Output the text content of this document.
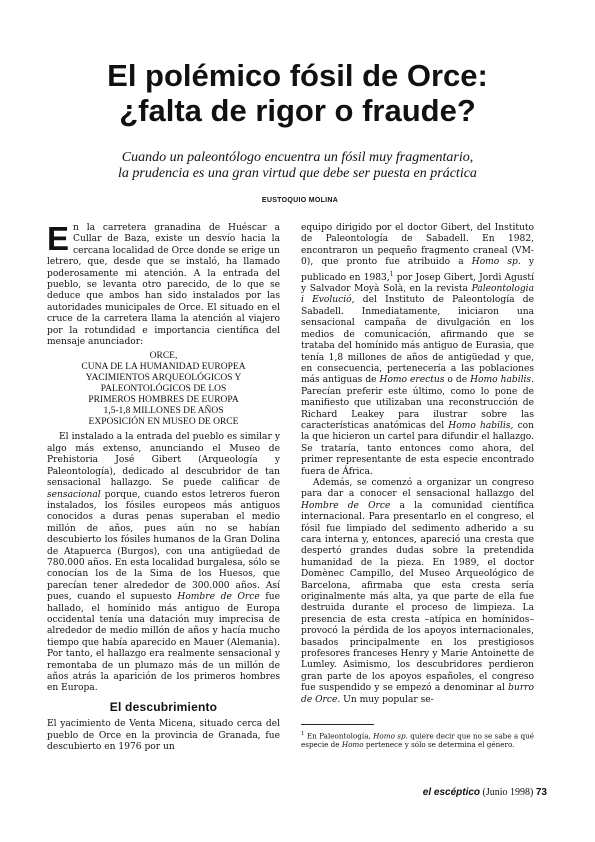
El polémico fósil de Orce:
¿falta de rigor o fraude?

Cuando un paleontólogo encuentra un fósil muy fragmentario,
la prudencia es una gran virtud que debe ser puesta en práctica

EUSTOQUIO MOLINA

En la carretera granadina de Huéscar a Cullar de Baza, existe un desvío hacia la cercana localidad de Orce donde se erige un letrero, que, desde que se instaló, ha llamado poderosamente mi atención. A la entrada del pueblo, se levanta otro parecido, de lo que se deduce que ambos han sido instalados por las autoridades municipales de Orce. El situado en el cruce de la carretera llama la atención al viajero por la rotundidad e importancia científica del mensaje anunciador:

ORCE,
CUNA DE LA HUMANIDAD EUROPEA
YACIMIENTOS ARQUEOLÓGICOS Y
PALEONTOLÓGICOS DE LOS
PRIMEROS HOMBRES DE EUROPA
1,5-1,8 MILLONES DE AÑOS
EXPOSICIÓN EN MUSEO DE ORCE

El instalado a la entrada del pueblo es similar y algo más extenso, anunciando el Museo de Prehistoria José Gibert (Arqueología y Paleontología), dedicado al descubridor de tan sensacional hallazgo. Se puede calificar de sensacional porque, cuando estos letreros fueron instalados, los fósiles europeos más antiguos conocidos a duras penas superaban el medio millón de años, pues aún no se habían descubierto los fósiles humanos de la Gran Dolina de Atapuerca (Burgos), con una antigüedad de 780.000 años. En esta localidad burgalesa, sólo se conocían los de la Sima de los Huesos, que parecían tener alrededor de 300.000 años. Así pues, cuando el supuesto Hombre de Orce fue hallado, el homínido más antiguo de Europa occidental tenía una datación muy imprecisa de alrededor de medio millón de años y hacía mucho tiempo que había aparecido en Mauer (Alemania). Por tanto, el hallazgo era realmente sensacional y remontaba de un plumazo más de un millón de años atrás la aparición de los primeros hombres en Europa.

El descubrimiento

El yacimiento de Venta Micena, situado cerca del pueblo de Orce en la provincia de Granada, fue descubierto en 1976 por un

equipo dirigido por el doctor Gibert, del Instituto de Paleontología de Sabadell. En 1982, encontraron un pequeño fragmento craneal (VM-0), que pronto fue atribuido a Homo sp. y publicado en 1983,$^1$ por Josep Gibert, Jordi Agustí y Salvador Moyà Solà, en la revista Paleontologia i Evolució, del Instituto de Paleontología de Sabadell. Inmediatamente, iniciaron una sensacional campaña de divulgación en los medios de comunicación, afirmando que se trataba del homínido más antiguo de Eurasia, que tenía 1,8 millones de años de antigüedad y que, en consecuencia, pertenecería a las poblaciones más antiguas de Homo erectus o de Homo habilis. Parecían preferir este último, como lo pone de manifiesto que utilizaban una reconstrucción de Richard Leakey para ilustrar sobre las características anatómicas del Homo habilis, con la que hicieron un cartel para difundir el hallazgo. Se trataría, tanto entonces como ahora, del primer representante de esta especie encontrado fuera de África.

Además, se comenzó a organizar un congreso para dar a conocer el sensacional hallazgo del Hombre de Orce a la comunidad científica internacional. Para presentarlo en el congreso, el fósil fue limpiado del sedimento adherido a su cara interna y, entonces, apareció una cresta que despertó grandes dudas sobre la pretendida humanidad de la pieza. En 1989, el doctor Domènec Campillo, del Museo Arqueológico de Barcelona, afirmaba que esta cresta sería originalmente más alta, ya que parte de ella fue destruida durante el proceso de limpieza. La presencia de esta cresta –atípica en homínidos– provocó la pérdida de los apoyos internacionales, basados principalmente en los prestigiosos profesores franceses Henry y Marie Antoinette de Lumley. Asimismo, los descubridores perdieron gran parte de los apoyos españoles, el congreso fue suspendido y se empezó a denominar al burro de Orce. Un muy popular se-

$^1$ En Paleontología, Homo sp. quiere decir que no se sabe a qué especie de Homo pertenece y sólo se determina el género.
el escéptico (Junio 1998) 73
